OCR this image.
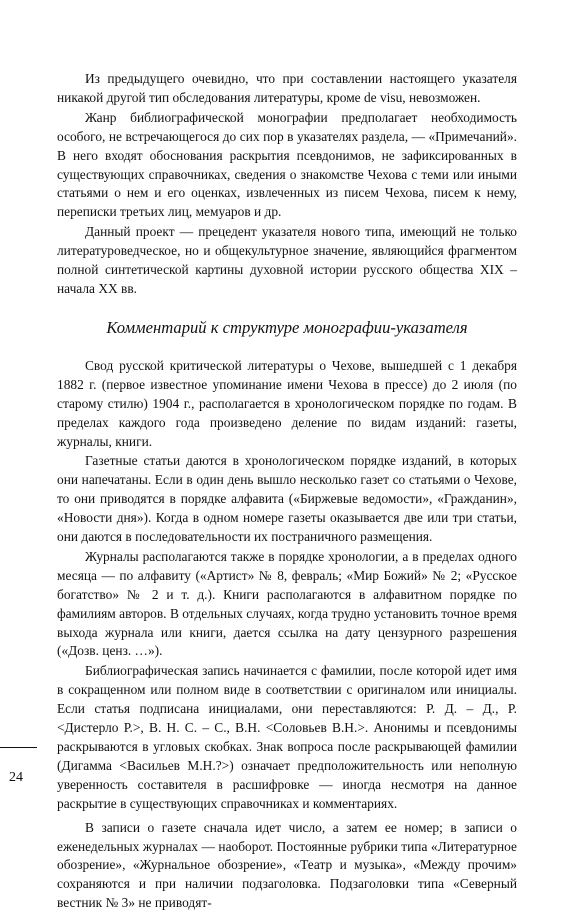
Из предыдущего очевидно, что при составлении настоящего указателя никакой другой тип обследования литературы, кроме de visu, невозможен.

Жанр библиографической монографии предполагает необходимость особого, не встречающегося до сих пор в указателях раздела, — «Примечаний». В него входят обоснования раскрытия псевдонимов, не зафиксированных в существующих справочниках, сведения о знакомстве Чехова с теми или иными статьями о нем и его оценках, извлеченных из писем Чехова, писем к нему, переписки третьих лиц, мемуаров и др.

Данный проект — прецедент указателя нового типа, имеющий не только литературоведческое, но и общекультурное значение, являющийся фрагментом полной синтетической картины духовной истории русского общества XIX – начала XX вв.

Комментарий к структуре монографии-указателя

Свод русской критической литературы о Чехове, вышедшей с 1 декабря 1882 г. (первое известное упоминание имени Чехова в прессе) до 2 июля (по старому стилю) 1904 г., располагается в хронологическом порядке по годам. В пределах каждого года произведено деление по видам изданий: газеты, журналы, книги.

Газетные статьи даются в хронологическом порядке изданий, в которых они напечатаны. Если в один день вышло несколько газет со статьями о Чехове, то они приводятся в порядке алфавита («Биржевые ведомости», «Гражданин», «Новости дня»). Когда в одном номере газеты оказывается две или три статьи, они даются в последовательности их постраничного размещения.

Журналы располагаются также в порядке хронологии, а в пределах одного месяца — по алфавиту («Артист» № 8, февраль; «Мир Божий» № 2; «Русское богатство» № 2 и т. д.). Книги располагаются в алфавитном порядке по фамилиям авторов. В отдельных случаях, когда трудно установить точное время выхода журнала или книги, дается ссылка на дату цензурного разрешения («Дозв. ценз. …»).

Библиографическая запись начинается с фамилии, после которой идет имя в сокращенном или полном виде в соответствии с оригиналом или инициалы. Если статья подписана инициалами, они переставляются: Р. Д. – Д., Р. <Дистерло Р.>, В. Н. С. – С., В.Н. <Соловьев В.Н.>. Анонимы и псевдонимы раскрываются в угловых скобках. Знак вопроса после раскрывающей фамилии (Дигамма <Васильев М.Н.?>) означает предположительность или неполную уверенность составителя в расшифровке — иногда несмотря на данное раскрытие в существующих справочниках и комментариях.

В записи о газете сначала идет число, а затем ее номер; в записи о еженедельных журналах — наоборот. Постоянные рубрики типа «Литературное обозрение», «Журнальное обозрение», «Театр и музыка», «Между прочим» сохраняются и при наличии подзаголовка. Подзаголовки типа «Северный вестник № 3» не приводят-

24
